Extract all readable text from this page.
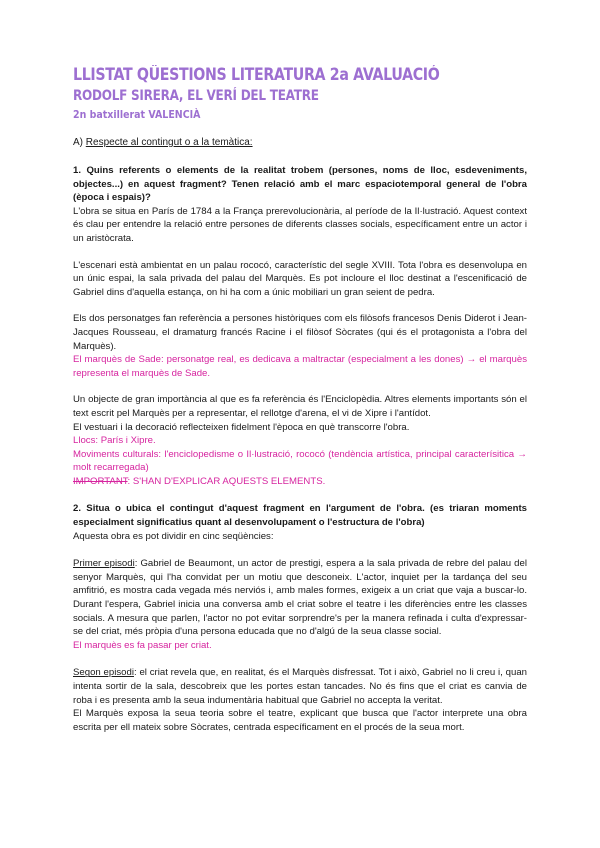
LLISTAT QÜESTIONS LITERATURA 2a AVALUACIÓ
RODOLF SIRERA, EL VERÍ DEL TEATRE
2n batxillerat VALENCIÀ
A) Respecte al contingut o a la temàtica:

1. Quins referents o elements de la realitat trobem (persones, noms de lloc, esdeveniments, objectes...) en aquest fragment? Tenen relació amb el marc espaciotemporal general de l'obra (època i espais)?

L'obra se situa en París de 1784 a la França prerevolucionària, al període de la Il·lustració. Aquest context és clau per entendre la relació entre persones de diferents classes socials, específicament entre un actor i un aristòcrata.

L'escenari està ambientat en un palau rococó, característic del segle XVIII. Tota l'obra es desenvolupa en un únic espai, la sala privada del palau del Marquès. Es pot incloure el lloc destinat a l'escenificació de Gabriel dins d'aquella estança, on hi ha com a únic mobiliari un gran seient de pedra.

Els dos personatges fan referència a persones històriques com els filòsofs francesos Denis Diderot i Jean-Jacques Rousseau, el dramaturg francés Racine i el filòsof Sòcrates (qui és el protagonista a l'obra del Marquès).

El marquès de Sade: personatge real, es dedicava a maltractar (especialment a les dones) → el marquès representa el marquès de Sade.

Un objecte de gran importància al que es fa referència és l'Enciclopèdia. Altres elements importants són el text escrit pel Marquès per a representar, el rellotge d'arena, el vi de Xipre i l'antídot.

El vestuari i la decoració reflecteixen fidelment l'època en què transcorre l'obra.

Llocs: París i Xipre.

Moviments culturals: l'enciclopedisme o Il·lustració, rococó (tendència artística, principal caracterísitica → molt recarregada)

IMPORTANT: S'HAN D'EXPLICAR AQUESTS ELEMENTS.

2. Situa o ubica el contingut d'aquest fragment en l'argument de l'obra. (es triaran moments especialment significatius quant al desenvolupament o l'estructura de l'obra)

Aquesta obra es pot dividir en cinc seqüències:

Primer episodi: Gabriel de Beaumont, un actor de prestigi, espera a la sala privada de rebre del palau del senyor Marquès, qui l'ha convidat per un motiu que desconeix. L'actor, inquiet per la tardança del seu amfitrió, es mostra cada vegada més nerviós i, amb males formes, exigeix a un criat que vaja a buscar-lo. Durant l'espera, Gabriel inicia una conversa amb el criat sobre el teatre i les diferències entre les classes socials. A mesura que parlen, l'actor no pot evitar sorprendre's per la manera refinada i culta d'expressar-se del criat, més pròpia d'una persona educada que no d'algú de la seua classe social.

El marquès es fa pasar per criat.

Segon episodi: el criat revela que, en realitat, és el Marquès disfressat. Tot i això, Gabriel no li creu i, quan intenta sortir de la sala, descobreix que les portes estan tancades. No és fins que el criat es canvia de roba i es presenta amb la seua indumentària habitual que Gabriel no accepta la veritat.

El Marquès exposa la seua teoria sobre el teatre, explicant que busca que l'actor interprete una obra escrita per ell mateix sobre Sòcrates, centrada específicament en el procés de la seua mort.
